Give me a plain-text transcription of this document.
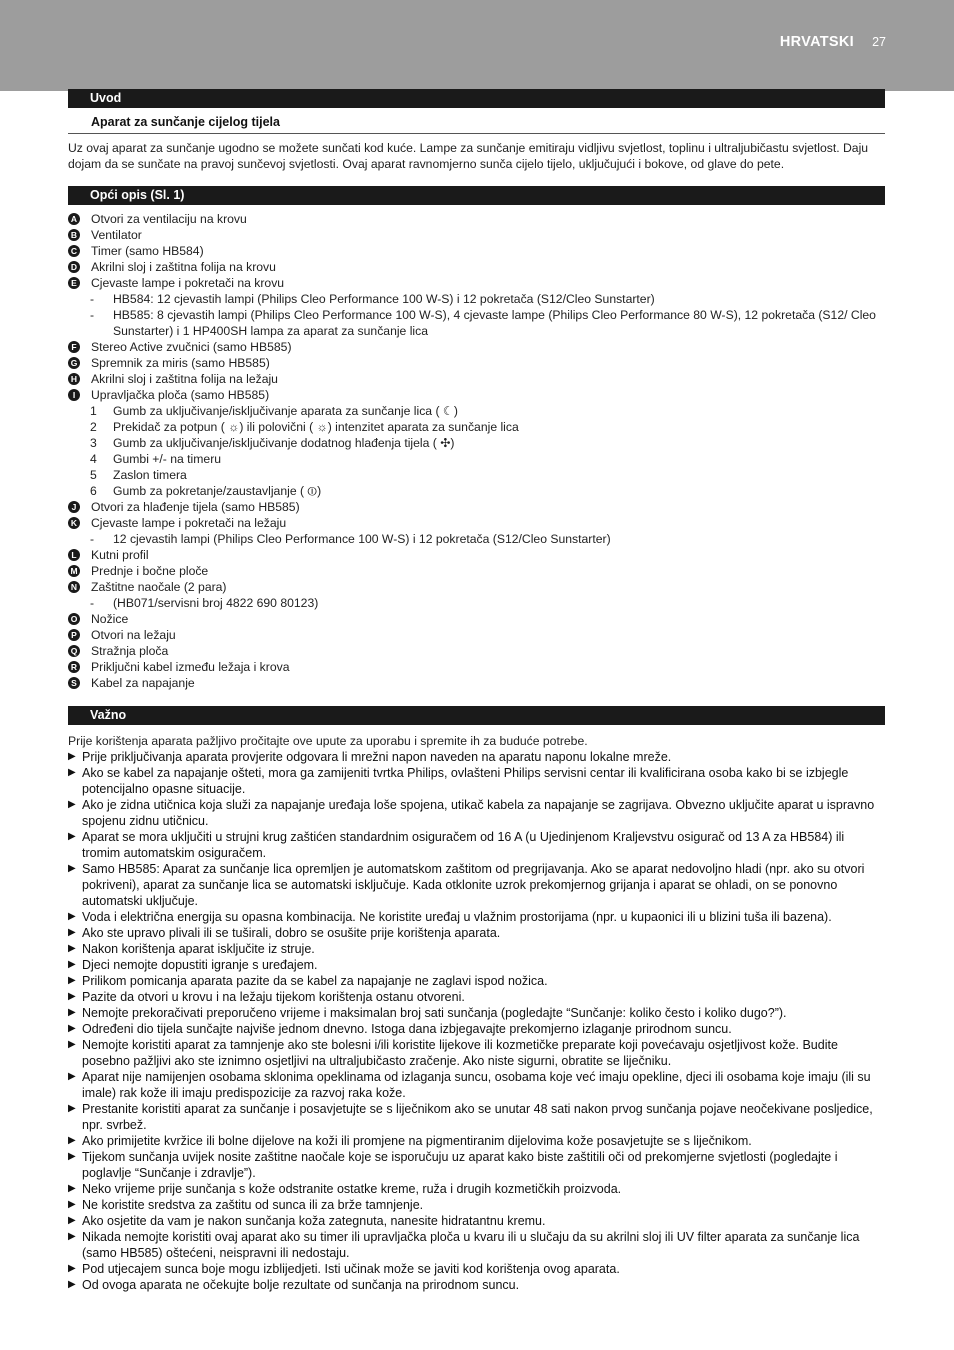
HRVATSKI 27
Uvod
Aparat za sunčanje cijelog tijela
Uz ovaj aparat za sunčanje ugodno se možete sunčati kod kuće. Lampe za sunčanje emitiraju vidljivu svjetlost, toplinu i ultraljubičastu svjetlost. Daju dojam da se sunčate na pravoj sunčevoj svjetlosti. Ovaj aparat ravnomjerno sunča cijelo tijelo, uključujući i bokove, od glave do pete.
Opći opis (Sl. 1)
A Otvori za ventilaciju na krovu
B Ventilator
C Timer (samo HB584)
D Akrilni sloj i zaštitna folija na krovu
E Cjevaste lampe i pokretači na krovu
- HB584: 12 cjevastih lampi (Philips Cleo Performance 100 W-S) i 12 pokretača (S12/Cleo Sunstarter)
- HB585: 8 cjevastih lampi (Philips Cleo Performance 100 W-S), 4 cjevaste lampe (Philips Cleo Performance 80 W-S), 12 pokretača (S12/ Cleo Sunstarter) i 1 HP400SH lampa za aparat za sunčanje lica
F Stereo Active zvučnici (samo HB585)
G Spremnik za miris (samo HB585)
H Akrilni sloj i zaštitna folija na ležaju
I	Upravljačka ploča (samo HB585)
1 Gumb za uključivanje/isključivanje aparata za sunčanje lica ( ☾)
2 Prekidač za potpun ( ☼) ili polovični ( ☼) intenzitet aparata za sunčanje lica
3 Gumb za uključivanje/isključivanje dodatnog hlađenja tijela ( ✣)
4 Gumbi +/- na timeru
5 Zaslon timera
6 Gumb za pokretanje/zaustavljanje ( ⏼)
J Otvori za hlađenje tijela (samo HB585)
K Cjevaste lampe i pokretači na ležaju
- 12 cjevastih lampi (Philips Cleo Performance 100 W-S) i 12 pokretača (S12/Cleo Sunstarter)
L Kutni profil
M Prednje i bočne ploče
N Zaštitne naočale (2 para)
- (HB071/servisni broj 4822 690 80123)
O Nožice
P Otvori na ležaju
Q Stražnja ploča
R Priključni kabel između ležaja i krova
S Kabel za napajanje
Važno
Prije korištenja aparata pažljivo pročitajte ove upute za uporabu i spremite ih za buduće potrebe.
▶ Prije priključivanja aparata provjerite odgovara li mrežni napon naveden na aparatu naponu lokalne mreže.
▶ Ako se kabel za napajanje ošteti, mora ga zamijeniti tvrtka Philips, ovlašteni Philips servisni centar ili kvalificirana osoba kako bi se izbjegle potencijalno opasne situacije.
▶ Ako je zidna utičnica koja služi za napajanje uređaja loše spojena, utikač kabela za napajanje se zagrijava. Obvezno uključite aparat u ispravno spojenu zidnu utičnicu.
▶ Aparat se mora uključiti u strujni krug zaštićen standardnim osiguračem od 16 A (u Ujedinjenom Kraljevstvu osigurač od 13 A za HB584) ili tromim automatskim osiguračem.
▶ Samo HB585: Aparat za sunčanje lica opremljen je automatskom zaštitom od pregrijavanja. Ako se aparat nedovoljno hladi (npr. ako su otvori pokriveni), aparat za sunčanje lica se automatski isključuje. Kada otklonite uzrok prekomjernog grijanja i aparat se ohladi, on se ponovno automatski uključuje.
▶ Voda i električna energija su opasna kombinacija. Ne koristite uređaj u vlažnim prostorijama (npr. u kupaonici ili u blizini tuša ili bazena).
▶ Ako ste upravo plivali ili se tuširali, dobro se osušite prije korištenja aparata.
▶ Nakon korištenja aparat isključite iz struje.
▶ Djeci nemojte dopustiti igranje s uređajem.
▶ Prilikom pomicanja aparata pazite da se kabel za napajanje ne zaglavi ispod nožica.
▶ Pazite da otvori u krovu i na ležaju tijekom korištenja ostanu otvoreni.
▶ Nemojte prekoračivati preporučeno vrijeme i maksimalan broj sati sunčanja (pogledajte “Sunčanje: koliko često i koliko dugo?”).
▶ Određeni dio tijela sunčajte najviše jednom dnevno. Istoga dana izbjegavajte prekomjerno izlaganje prirodnom suncu.
▶ Nemojte koristiti aparat za tamnjenje ako ste bolesni i/ili koristite lijekove ili kozmetičke preparate koji povećavaju osjetljivost kože. Budite posebno pažljivi ako ste iznimno osjetljivi na ultraljubičasto zračenje. Ako niste sigurni, obratite se liječniku.
▶ Aparat nije namijenjen osobama sklonima opeklinama od izlaganja suncu, osobama koje već imaju opekline, djeci ili osobama koje imaju (ili su imale) rak kože ili imaju predispozicije za razvoj raka kože.
▶ Prestanite koristiti aparat za sunčanje i posavjetujte se s liječnikom ako se unutar 48 sati nakon prvog sunčanja pojave neočekivane posljedice, npr. svrbež.
▶ Ako primijetite kvržice ili bolne dijelove na koži ili promjene na pigmentiranim dijelovima kože posavjetujte se s liječnikom.
▶ Tijekom sunčanja uvijek nosite zaštitne naočale koje se isporučuju uz aparat kako biste zaštitili oči od prekomjerne svjetlosti (pogledajte i poglavlje “Sunčanje i zdravlje”).
▶ Neko vrijeme prije sunčanja s kože odstranite ostatke kreme, ruža i drugih kozmetičkih proizvoda.
▶ Ne koristite sredstva za zaštitu od sunca ili za brže tamnjenje.
▶ Ako osjetite da vam je nakon sunčanja koža zategnuta, nanesite hidratantnu kremu.
▶ Nikada nemojte koristiti ovaj aparat ako su timer ili upravljačka ploča u kvaru ili u slučaju da su akrilni sloj ili UV filter aparata za sunčanje lica (samo HB585) oštećeni, neispravni ili nedostaju.
▶ Pod utjecajem sunca boje mogu izblijedjeti. Isti učinak može se javiti kod korištenja ovog aparata.
▶ Od ovoga aparata ne očekujte bolje rezultate od sunčanja na prirodnom suncu.
